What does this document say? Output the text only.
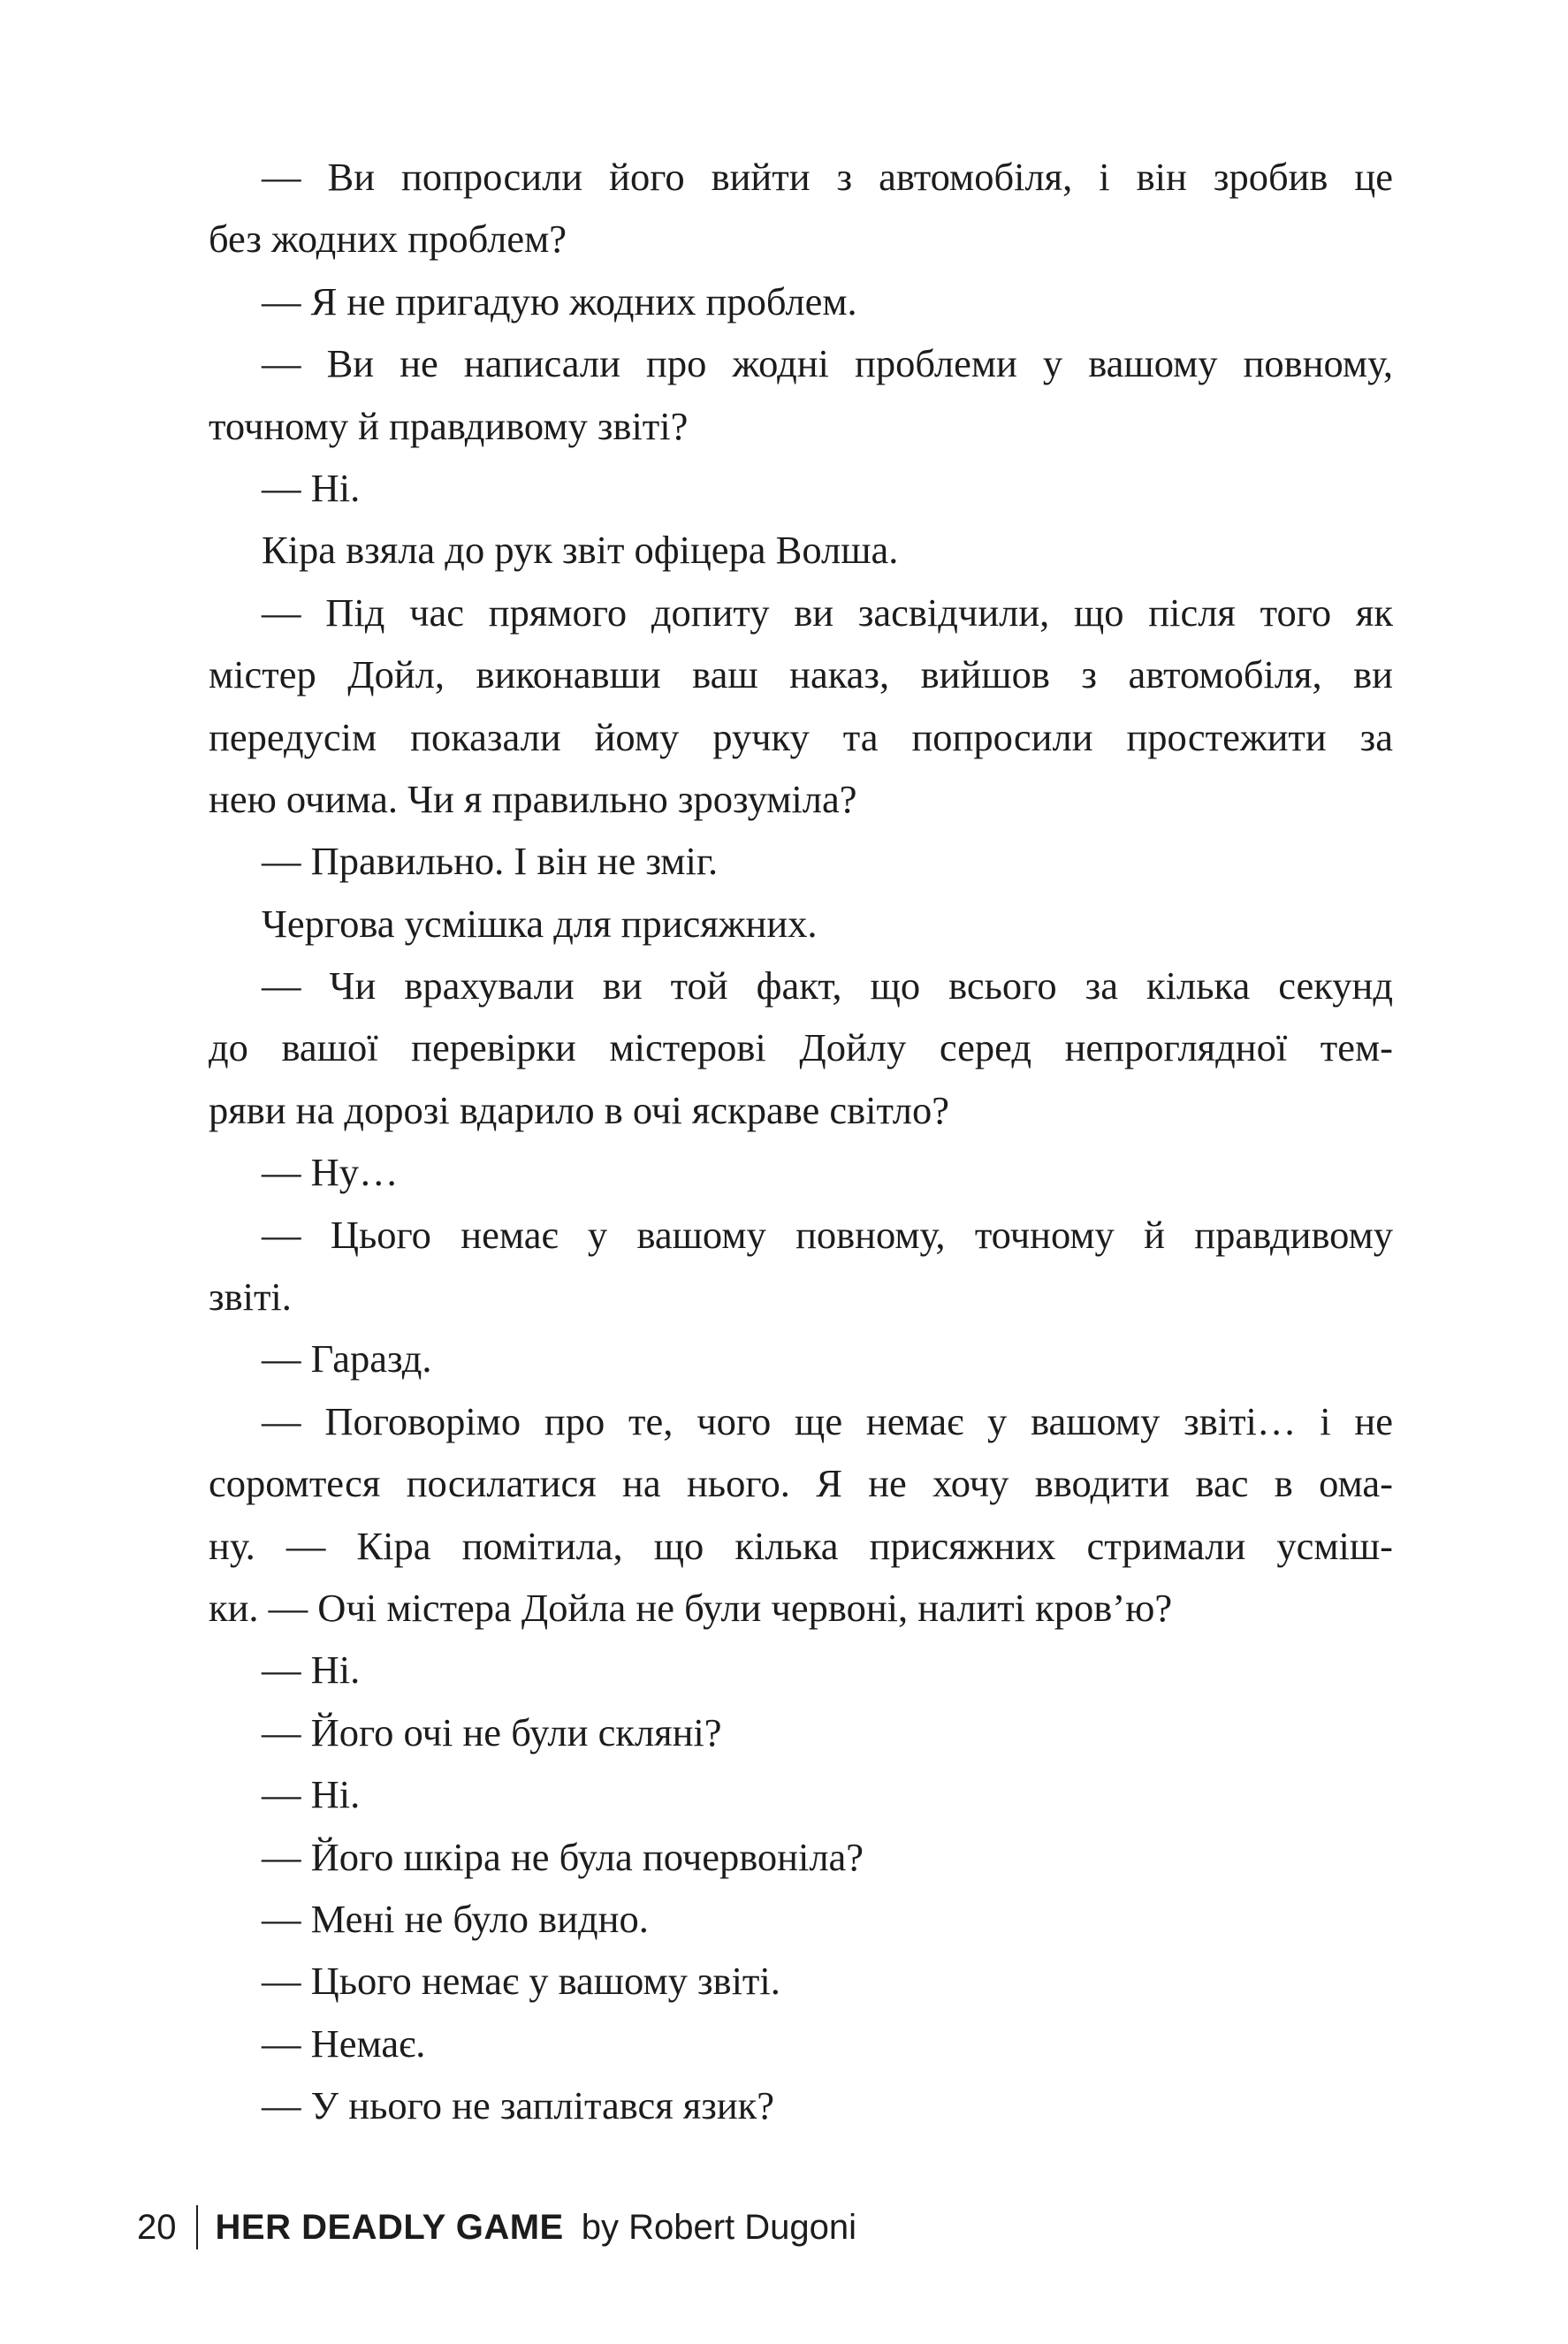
— Ви попросили його вийти з автомобіля, і він зробив це
без жодних проблем?
— Я не пригадую жодних проблем.
— Ви не написали про жодні проблеми у вашому повному,
точному й правдивому звіті?
— Ні.
Кіра взяла до рук звіт офіцера Волша.
— Під час прямого допиту ви засвідчили, що після того як
містер Дойл, виконавши ваш наказ, вийшов з автомобіля, ви
передусім показали йому ручку та попросили простежити за
нею очима. Чи я правильно зрозуміла?
— Правильно. І він не зміг.
Чергова усмішка для присяжних.
— Чи врахували ви той факт, що всього за кілька секунд
до вашої перевірки містерові Дойлу серед непроглядної тем-
ряви на дорозі вдарило в очі яскраве світло?
— Ну…
— Цього немає у вашому повному, точному й правдивому
звіті.
— Гаразд.
— Поговорімо про те, чого ще немає у вашому звіті… і не
соромтеся посилатися на нього. Я не хочу вводити вас в ома-
ну. — Кіра помітила, що кілька присяжних стримали усміш-
ки. — Очі містера Дойла не були червоні, налиті кров’ю?
— Ні.
— Його очі не були скляні?
— Ні.
— Його шкіра не була почервоніла?
— Мені не було видно.
— Цього немає у вашому звіті.
— Немає.
— У нього не заплітався язик?
20 HER DEADLY GAME by Robert Dugoni
